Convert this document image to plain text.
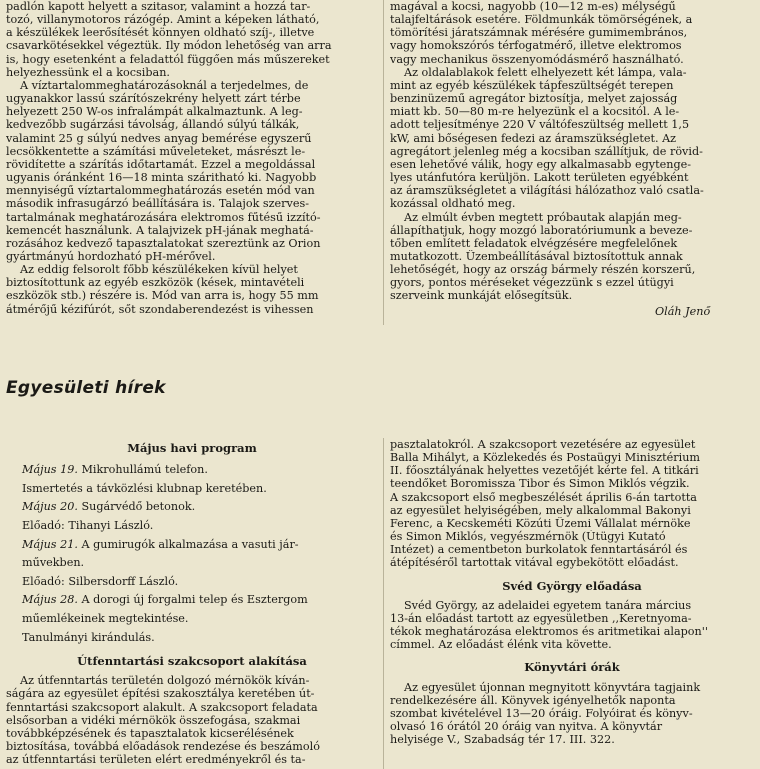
padlón kapott helyett a szitasor, valamint a hozzá tar-
tozó, villanymotoros rázógép. Amint a képeken látható,
a készülékek leerősítését könnyen oldható szíj-, illetve
csavarkötésekkel végeztük. Ily módon lehetőség van arra
is, hogy esetenként a feladattól függően más műszereket
helyezhessünk el a kocsiban.
A víztartalommeghatározásoknál a terjedelmes, de
ugyanakkor lassú szárítószekrény helyett zárt térbe
helyezett 250 W-os infralámpát alkalmaztunk. A leg-
kedvezőbb sugárzási távolság, állandó súlyú tálkák,
valamint 25 g súlyú nedves anyag bemérése egyszerű
lecsökkentette a számítási műveleteket, másrészt le-
rövidítette a szárítás időtartamát. Ezzel a megoldással
ugyanis óránként 16—18 minta száritható ki. Nagyobb
mennyiségű víztartalommeghatározás esetén mód van
második infrasugárzó beállítására is. Talajok szerves-
tartalmának meghatározására elektromos fűtésű izzító-
kemencét használunk. A talajvizek pH-jának meghatá-
rozásához kedvező tapasztalatokat szereztünk az Orion
gyártmányú hordozható pH-mérővel.
Az eddig felsorolt főbb készülékeken kívül helyet
biztosítottunk az egyéb eszközök (kések, mintavételi
eszközök stb.) részére is. Mód van arra is, hogy 55 mm
átmérőjű kézifúrót, sőt szondaberendezést is vihessen
magával a kocsi, nagyobb (10—12 m-es) mélységű
talajfeltárások esetére. Földmunkák tömörségének, a
tömörítési járatszámnak mérésére gumimembrános,
vagy homokszórós térfogatmérő, illetve elektromos
vagy mechanikus összenyomódásmérő használható.
Az oldalablakok felett elhelyezett két lámpa, vala-
mint az egyéb készülékek tápfeszültségét terepen
benzinüzemű agregátor biztosítja, melyet zajosság
miatt kb. 50—80 m-re helyezünk el a kocsitól. A le-
adott teljesítménye 220 V váltófeszültség mellett 1,5
kW, ami bőségesen fedezi az áramszükségletet. Az
agregátort jelenleg még a kocsiban szállítjuk, de rövid-
esen lehetővé válik, hogy egy alkalmasabb egytenge-
lyes utánfutóra kerüljön. Lakott területen egyébként
az áramszükségletet a világítási hálózathoz való csatla-
kozással oldható meg.
Az elmúlt évben megtett próbautak alapján meg-
állapíthatjuk, hogy mozgó laboratóriumunk a beveze-
tőben említett feladatok elvégzésére megfelelőnek
mutatkozott. Üzembeállításával biztosítottuk annak
lehetőségét, hogy az ország bármely részén korszerű,
gyors, pontos méréseket végezzünk s ezzel útügyi
szerveink munkáját elősegítsük.
Oláh Jenő
Egyesületi hírek
Május havi program
Május 19. Mikrohullámú telefon.
Ismertetés a távközlési klubnap keretében.
Május 20. Sugárvédő betonok.
Előadó: Tihanyi László.
Május 21. A gumirugók alkalmazása a vasuti jár-
művekben.
Előadó: Silbersdorff László.
Május 28. A dorogi új forgalmi telep és Esztergom
műemlékeinek megtekintése.
Tanulmányi kirándulás.
Útfenntartási szakcsoport alakítása
Az útfenntartás területén dolgozó mérnökök kíván-
ságára az egyesület építési szakosztálya keretében út-
fenntartási szakcsoport alakult. A szakcsoport feladata
elsősorban a vidéki mérnökök összefogása, szakmai
továbbképzésének és tapasztalatok kicserélésének
biztosítása, továbbá előadások rendezése és beszámoló
az útfenntartási területen elért eredményekről és ta-
pasztalatokról. A szakcsoport vezetésére az egyesület
Balla Mihályt, a Közlekedés és Postaügyi Minisztérium
II. főosztályának helyettes vezetőjét kérte fel. A titkári
teendőket Boromissza Tibor és Simon Miklós végzik.
A szakcsoport első megbeszélését április 6-án tartotta
az egyesület helyiségében, mely alkalommal Bakonyi
Ferenc, a Kecskeméti Közúti Üzemi Vállalat mérnöke
és Simon Miklós, vegyészmérnök (Útügyi Kutató
Intézet) a cementbeton burkolatok fenntartásáról és
átépítéséről tartottak vitával egybekötött előadást.
Svéd György előadása
Svéd György, az adelaidei egyetem tanára március
13-án előadást tartott az egyesületben ,,Keretnyoma-
tékok meghatározása elektromos és aritmetikai alapon''
címmel. Az előadást élénk vita követte.
Könyvtári órák
Az egyesület újonnan megnyitott könyvtára tagjaink
rendelkezésére áll. Könyvek igényelhetők naponta
szombat kivételével 13—20 óráig. Folyóirat és könyv-
olvasó 16 órától 20 óráig van nyitva. A könyvtár
helyisége V., Szabadság tér 17. III. 322.
